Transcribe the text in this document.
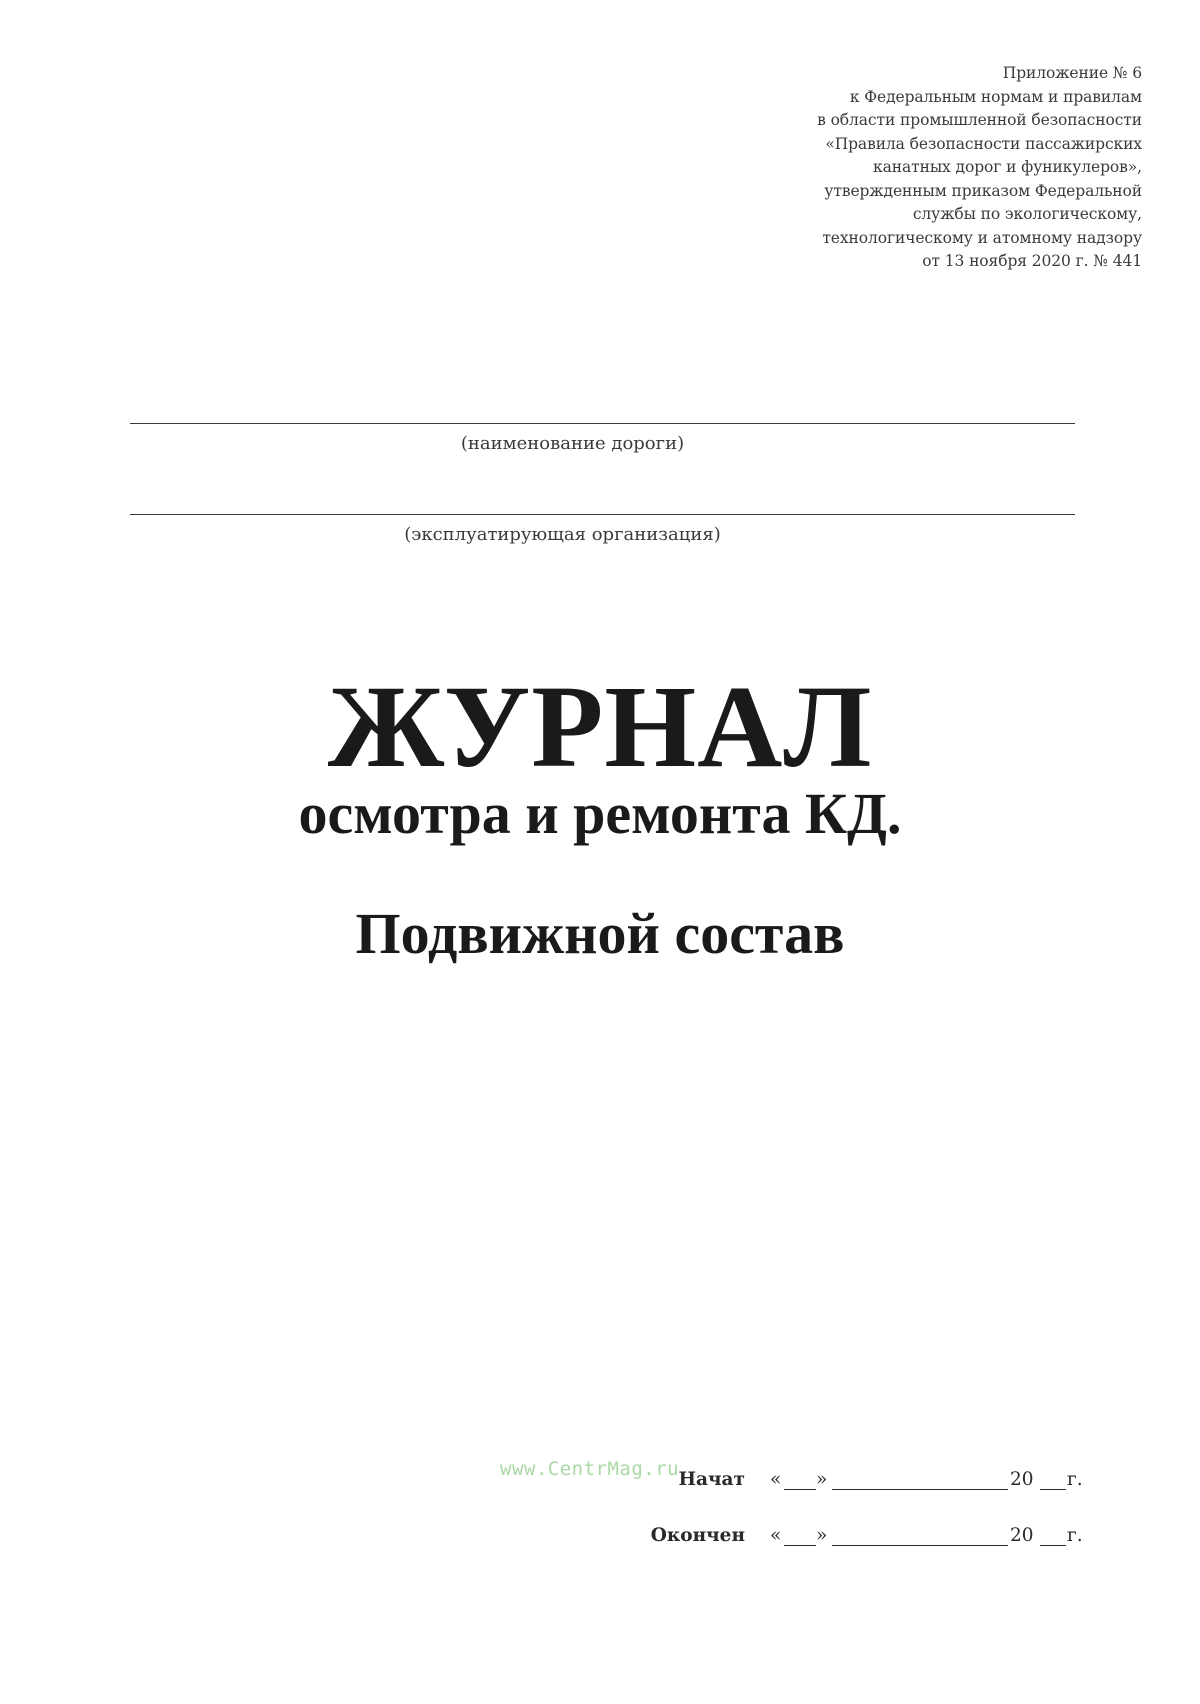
Приложение № 6
к Федеральным нормам и правилам
в области промышленной безопасности
«Правила безопасности пассажирских
канатных дорог и фуникулеров»,
утвержденным приказом Федеральной
службы по экологическому,
технологическому и атомному надзору
от 13 ноября 2020 г. № 441
(наименование дороги)
(эксплуатирующая организация)
ЖУРНАЛ
осмотра и ремонта КД.
Подвижной состав
www.CentrMag.ru Начат « »	20 г.
Окончен « »	20 г.
